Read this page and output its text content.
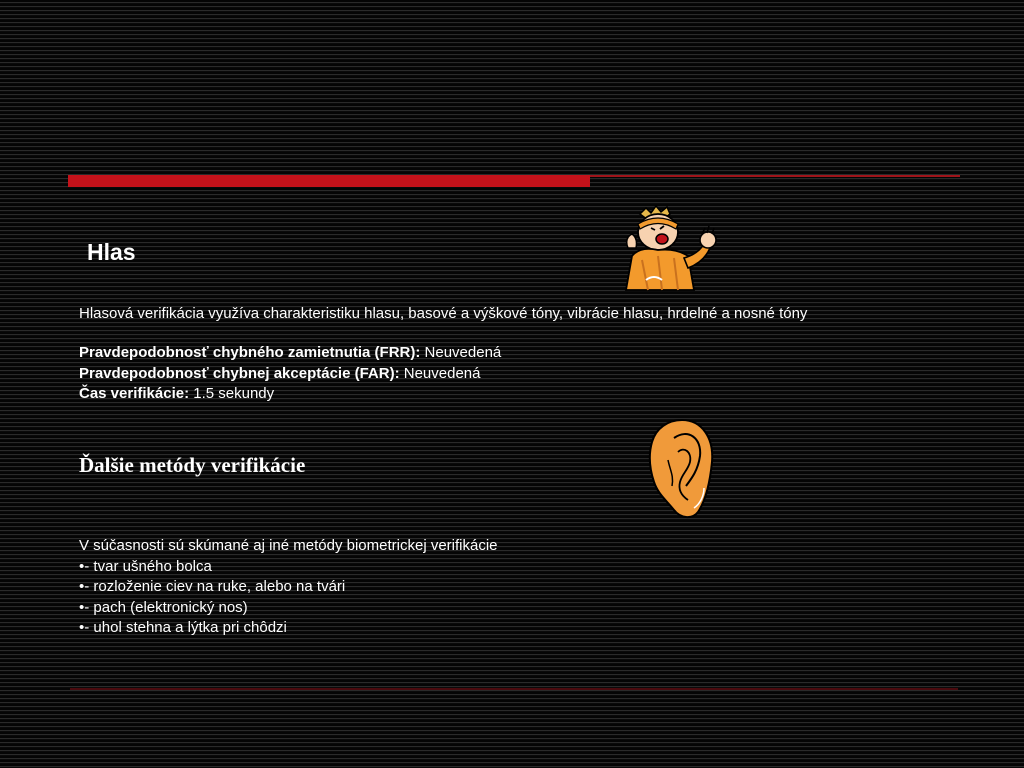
Hlas
Hlasová verifikácia využíva charakteristiku hlasu, basové a výškové tóny, vibrácie hlasu, hrdelné a nosné tóny
Pravdepodobnosť chybného zamietnutia (FRR): Neuvedená
Pravdepodobnosť chybnej akceptácie (FAR): Neuvedená
Čas verifikácie: 1.5 sekundy
Ďalšie metódy verifikácie
V súčasnosti sú skúmané aj iné metódy biometrickej verifikácie
•- tvar ušného bolca
•- rozloženie ciev na ruke, alebo na tvári
•- pach (elektronický nos)
•- uhol stehna a lýtka pri chôdzi
